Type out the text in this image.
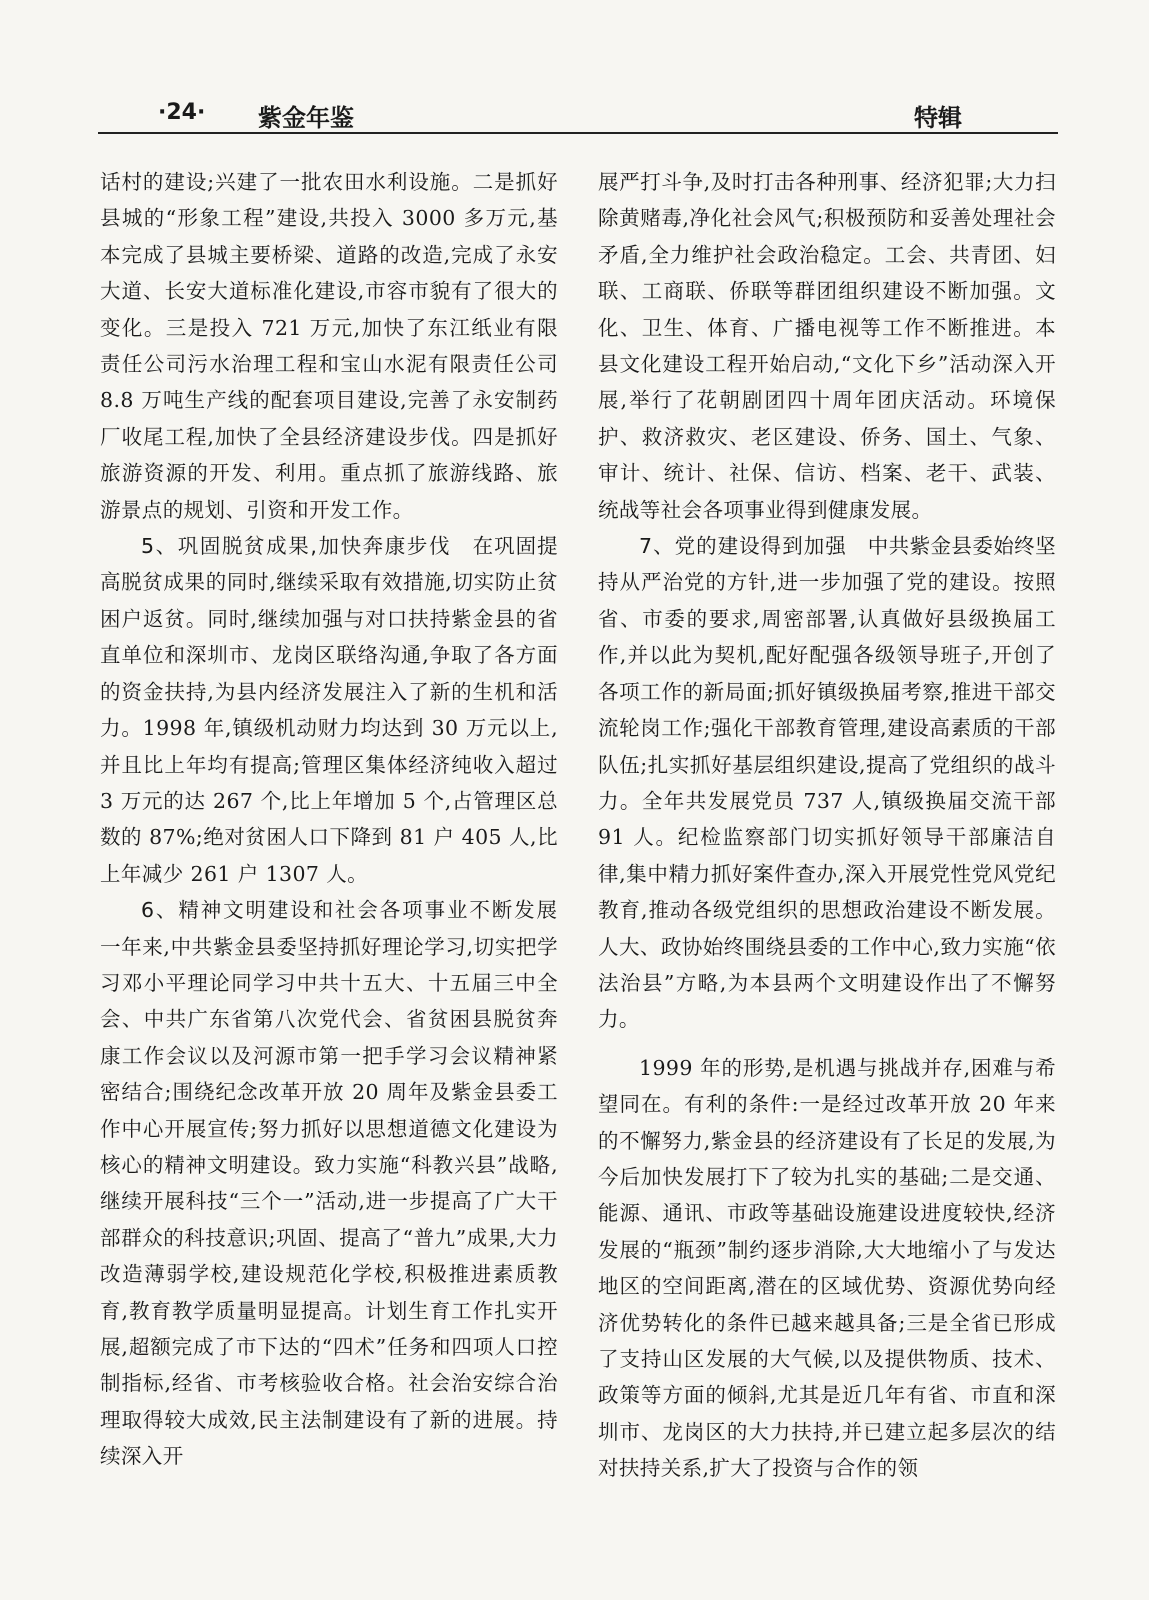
·24· 紫金年鉴	特辑

话村的建设;兴建了一批农田水利设施。二是抓好县城的“形象工程”建设,共投入 3000 多万元,基本完成了县城主要桥梁、道路的改造,完成了永安大道、长安大道标准化建设,市容市貌有了很大的变化。三是投入 721 万元,加快了东江纸业有限责任公司污水治理工程和宝山水泥有限责任公司 8.8 万吨生产线的配套项目建设,完善了永安制药厂收尾工程,加快了全县经济建设步伐。四是抓好旅游资源的开发、利用。重点抓了旅游线路、旅游景点的规划、引资和开发工作。

5、巩固脱贫成果,加快奔康步伐　 在巩固提高脱贫成果的同时,继续采取有效措施,切实防止贫困户返贫。同时,继续加强与对口扶持紫金县的省直单位和深圳市、龙岗区联络沟通,争取了各方面的资金扶持,为县内经济发展注入了新的生机和活力。1998 年,镇级机动财力均达到 30 万元以上,并且比上年均有提高;管理区集体经济纯收入超过 3 万元的达 267 个,比上年增加 5 个,占管理区总数的 87%;绝对贫困人口下降到 81 户 405 人,比上年减少 261 户 1307 人。

6、精神文明建设和社会各项事业不断发展　一年来,中共紫金县委坚持抓好理论学习,切实把学习邓小平理论同学习中共十五大、十五届三中全会、中共广东省第八次党代会、省贫困县脱贫奔康工作会议以及河源市第一把手学习会议精神紧密结合;围绕纪念改革开放 20 周年及紫金县委工作中心开展宣传;努力抓好以思想道德文化建设为核心的精神文明建设。致力实施“科教兴县”战略,继续开展科技“三个一”活动,进一步提高了广大干部群众的科技意识;巩固、提高了“普九”成果,大力改造薄弱学校,建设规范化学校,积极推进素质教育,教育教学质量明显提高。计划生育工作扎实开展,超额完成了市下达的“四术”任务和四项人口控制指标,经省、市考核验收合格。社会治安综合治理取得较大成效,民主法制建设有了新的进展。持续深入开

展严打斗争,及时打击各种刑事、经济犯罪;大力扫除黄赌毒,净化社会风气;积极预防和妥善处理社会矛盾,全力维护社会政治稳定。工会、共青团、妇联、工商联、侨联等群团组织建设不断加强。文化、卫生、体育、广播电视等工作不断推进。本县文化建设工程开始启动,“文化下乡”活动深入开展,举行了花朝剧团四十周年团庆活动。环境保护、救济救灾、老区建设、侨务、国土、气象、审计、统计、社保、信访、档案、老干、武装、统战等社会各项事业得到健康发展。

7、党的建设得到加强　 中共紫金县委始终坚持从严治党的方针,进一步加强了党的建设。按照省、市委的要求,周密部署,认真做好县级换届工作,并以此为契机,配好配强各级领导班子,开创了各项工作的新局面;抓好镇级换届考察,推进干部交流轮岗工作;强化干部教育管理,建设高素质的干部队伍;扎实抓好基层组织建设,提高了党组织的战斗力。全年共发展党员 737 人,镇级换届交流干部 91 人。纪检监察部门切实抓好领导干部廉洁自律,集中精力抓好案件查办,深入开展党性党风党纪教育,推动各级党组织的思想政治建设不断发展。人大、政协始终围绕县委的工作中心,致力实施“依法治县”方略,为本县两个文明建设作出了不懈努力。

1999 年的形势,是机遇与挑战并存,困难与希望同在。有利的条件:一是经过改革开放 20 年来的不懈努力,紫金县的经济建设有了长足的发展,为今后加快发展打下了较为扎实的基础;二是交通、能源、通讯、市政等基础设施建设进度较快,经济发展的“瓶颈”制约逐步消除,大大地缩小了与发达地区的空间距离,潜在的区域优势、资源优势向经济优势转化的条件已越来越具备;三是全省已形成了支持山区发展的大气候,以及提供物质、技术、政策等方面的倾斜,尤其是近几年有省、市直和深圳市、龙岗区的大力扶持,并已建立起多层次的结对扶持关系,扩大了投资与合作的领
